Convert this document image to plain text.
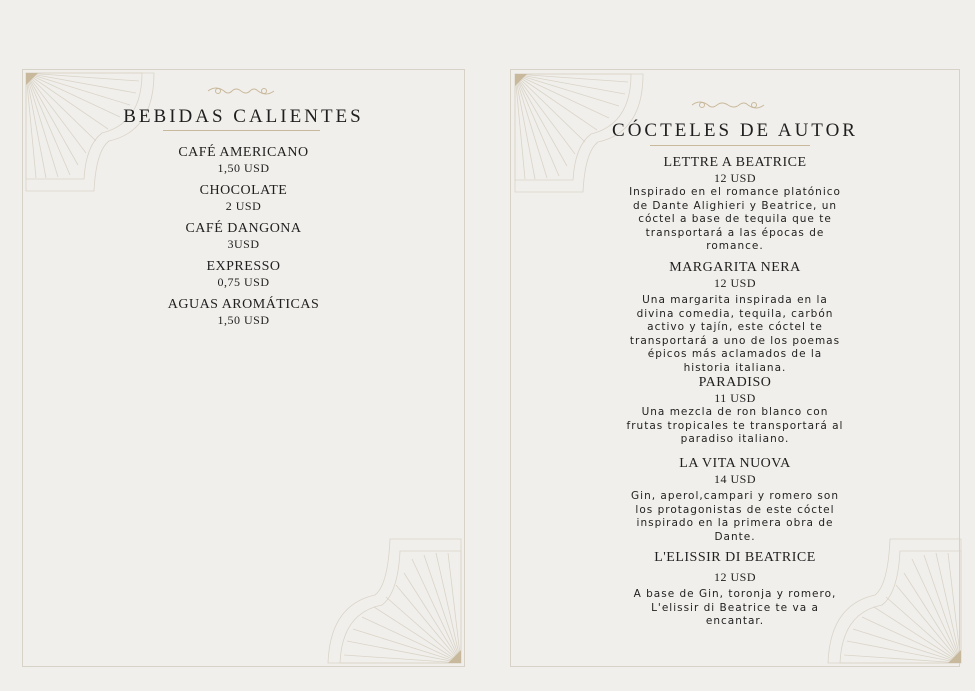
BEBIDAS CALIENTES
CAFÉ AMERICANO
1,50 USD
CHOCOLATE
2 USD
CAFÉ DANGONA
3USD
EXPRESSO
0,75 USD
AGUAS AROMÁTICAS
1,50 USD
CÓCTELES DE AUTOR
LETTRE A BEATRICE
12 USD
Inspirado en el romance platónico
de Dante Alighieri y Beatrice, un
cóctel a base de tequila que te
transportará a las épocas de
romance.
MARGARITA NERA
12 USD
Una margarita inspirada en la
divina comedia, tequila, carbón
activo y tajín, este cóctel te
transportará a uno de los poemas
épicos más aclamados de la
historia italiana.
PARADISO
11 USD
Una mezcla de ron blanco con
frutas tropicales te transportará al
paradiso italiano.
LA VITA NUOVA
14 USD
Gin, aperol,campari y romero son
los protagonistas de este cóctel
inspirado en la primera obra de
Dante.
L'ELISSIR DI BEATRICE
12 USD
A base de Gin, toronja y romero,
L'elissir di Beatrice te va a
encantar.
